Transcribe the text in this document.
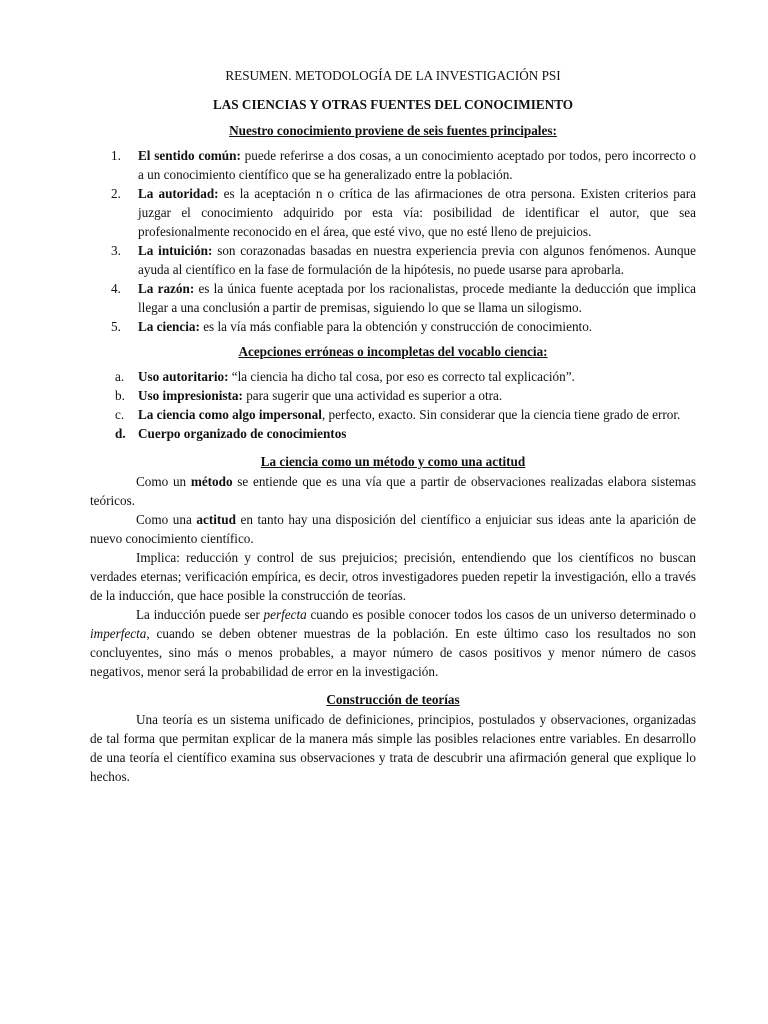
RESUMEN. METODOLOGÍA DE LA INVESTIGACIÓN PSI
LAS CIENCIAS Y OTRAS FUENTES DEL CONOCIMIENTO
Nuestro conocimiento proviene de seis fuentes principales:
1. El sentido común: puede referirse a dos cosas, a un conocimiento aceptado por todos, pero incorrecto o a un conocimiento científico que se ha generalizado entre la población.
2. La autoridad: es la aceptación n o crítica de las afirmaciones de otra persona. Existen criterios para juzgar el conocimiento adquirido por esta vía: posibilidad de identificar el autor, que sea profesionalmente reconocido en el área, que esté vivo, que no esté lleno de prejuicios.
3. La intuición: son corazonadas basadas en nuestra experiencia previa con algunos fenómenos. Aunque ayuda al científico en la fase de formulación de la hipótesis, no puede usarse para aprobarla.
4. La razón: es la única fuente aceptada por los racionalistas, procede mediante la deducción que implica llegar a una conclusión a partir de premisas, siguiendo lo que se llama un silogismo.
5. La ciencia: es la vía más confiable para la obtención y construcción de conocimiento.
Acepciones erróneas o incompletas del vocablo ciencia:
a. Uso autoritario: “la ciencia ha dicho tal cosa, por eso es correcto tal explicación”.
b. Uso impresionista: para sugerir que una actividad es superior a otra.
c. La ciencia como algo impersonal, perfecto, exacto. Sin considerar que la ciencia tiene grado de error.
d. Cuerpo organizado de conocimientos
La ciencia como un método y como una actitud

Como un método se entiende que es una vía que a partir de observaciones realizadas elabora sistemas teóricos.

Como una actitud en tanto hay una disposición del científico a enjuiciar sus ideas ante la aparición de nuevo conocimiento científico.

Implica: reducción y control de sus prejuicios; precisión, entendiendo que los científicos no buscan verdades eternas; verificación empírica, es decir, otros investigadores pueden repetir la investigación, ello a través de la inducción, que hace posible la construcción de teorías.

La inducción puede ser perfecta cuando es posible conocer todos los casos de un universo determinado o imperfecta, cuando se deben obtener muestras de la población. En este último caso los resultados no son concluyentes, sino más o menos probables, a mayor número de casos positivos y menor número de casos negativos, menor será la probabilidad de error en la investigación.

Construcción de teorías

Una teoría es un sistema unificado de definiciones, principios, postulados y observaciones, organizadas de tal forma que permitan explicar de la manera más simple las posibles relaciones entre variables. En desarrollo de una teoría el científico examina sus observaciones y trata de descubrir una afirmación general que explique lo hechos.
